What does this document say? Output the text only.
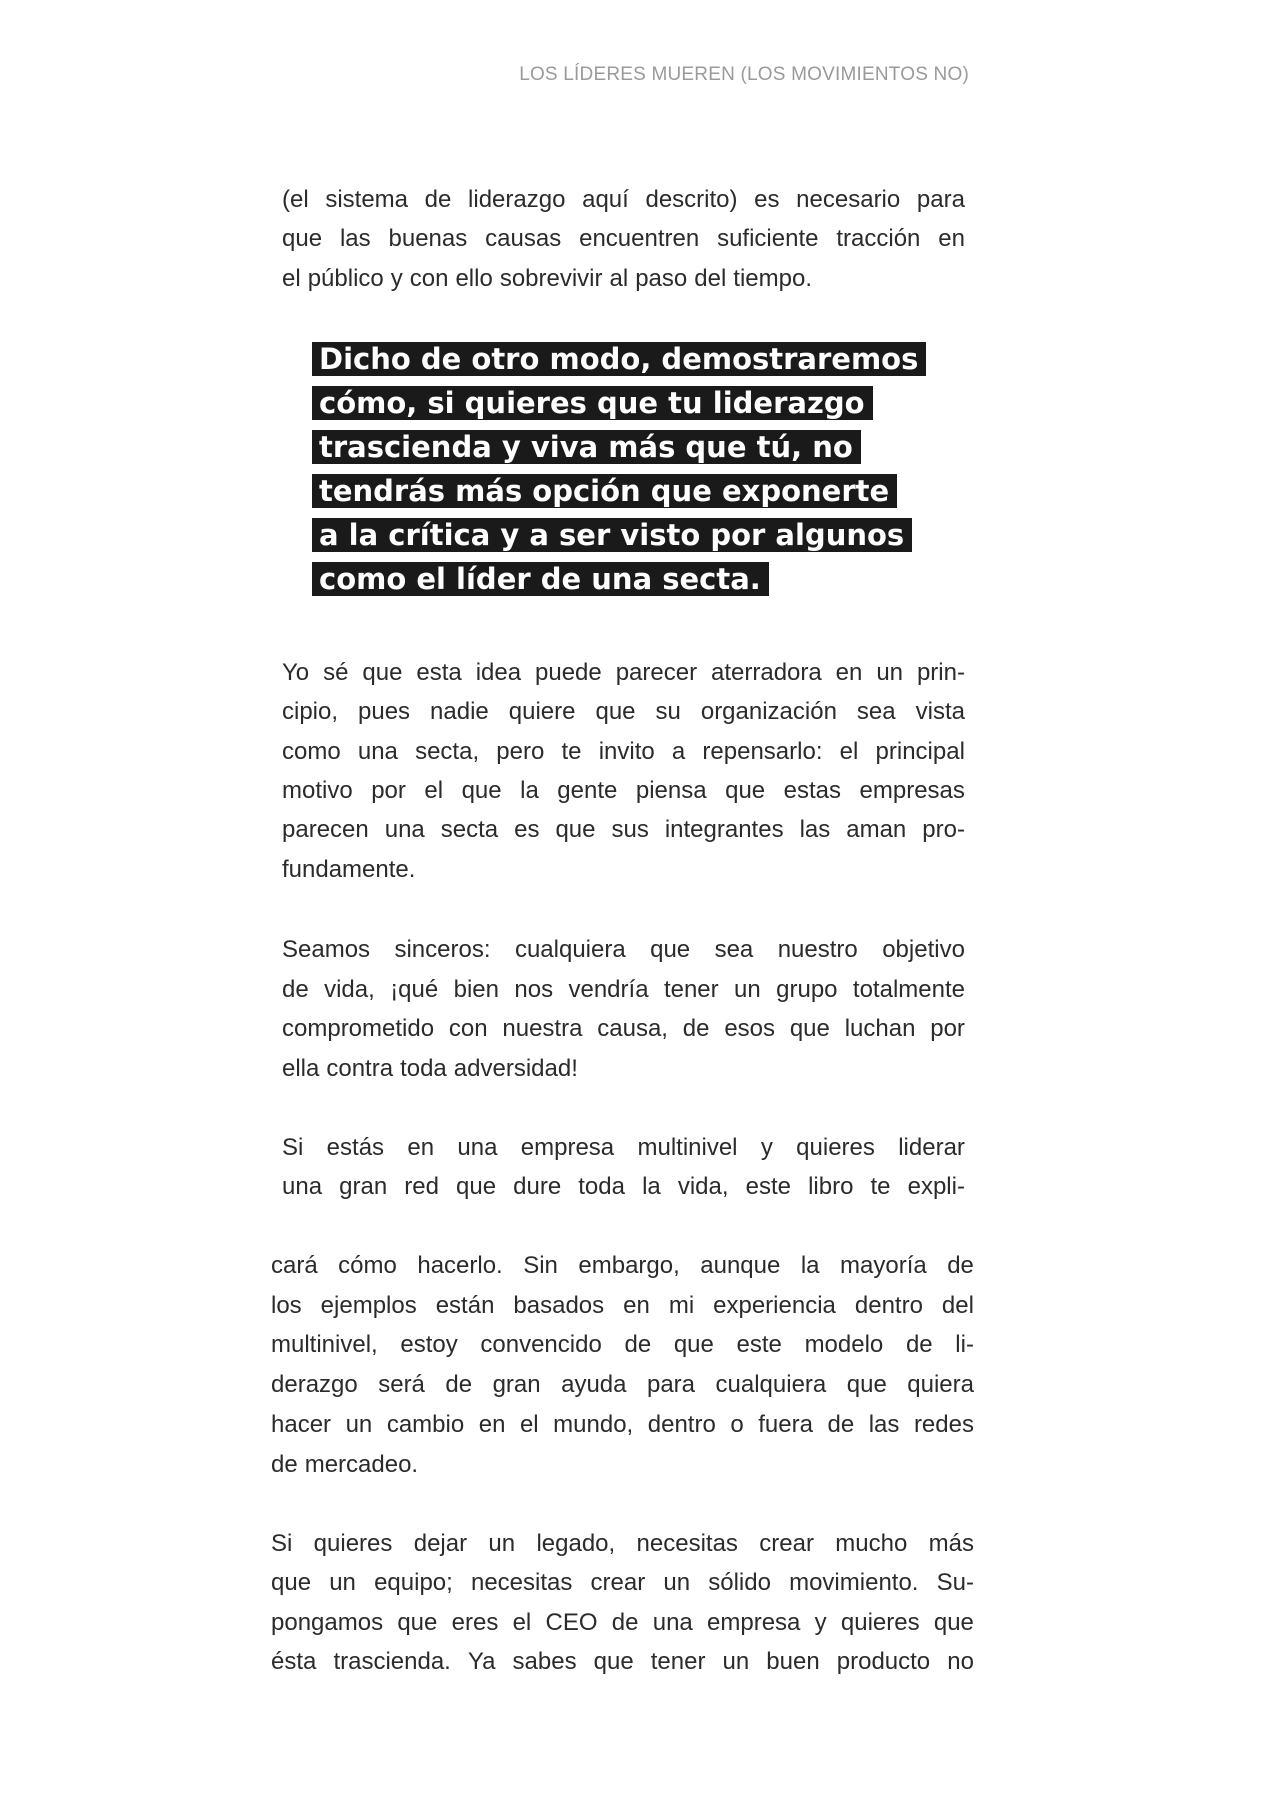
LOS LÍDERES MUEREN (LOS MOVIMIENTOS NO)
(el sistema de liderazgo aquí descrito) es necesario para
que las buenas causas encuentren suficiente tracción en
el público y con ello sobrevivir al paso del tiempo.
Yo sé que esta idea puede parecer aterradora en un prin-
cipio, pues nadie quiere que su organización sea vista
como una secta, pero te invito a repensarlo: el principal
motivo por el que la gente piensa que estas empresas
parecen una secta es que sus integrantes las aman pro-
fundamente.
Seamos sinceros: cualquiera que sea nuestro objetivo
de vida, ¡qué bien nos vendría tener un grupo totalmente
comprometido con nuestra causa, de esos que luchan por
ella contra toda adversidad!
Si estás en una empresa multinivel y quieres liderar
una gran red que dure toda la vida, este libro te expli-
cará cómo hacerlo. Sin embargo, aunque la mayoría de
los ejemplos están basados en mi experiencia dentro del
multinivel, estoy convencido de que este modelo de li-
derazgo será de gran ayuda para cualquiera que quiera
hacer un cambio en el mundo, dentro o fuera de las redes
de mercadeo.
Si quieres dejar un legado, necesitas crear mucho más
que un equipo; necesitas crear un sólido movimiento. Su-
pongamos que eres el CEO de una empresa y quieres que
ésta trascienda. Ya sabes que tener un buen producto no
Dicho de otro modo, demostraremos
cómo, si quieres que tu liderazgo
trascienda y viva más que tú, no
tendrás más opción que exponerte
a la crítica y a ser visto por algunos
como el líder de una secta.
